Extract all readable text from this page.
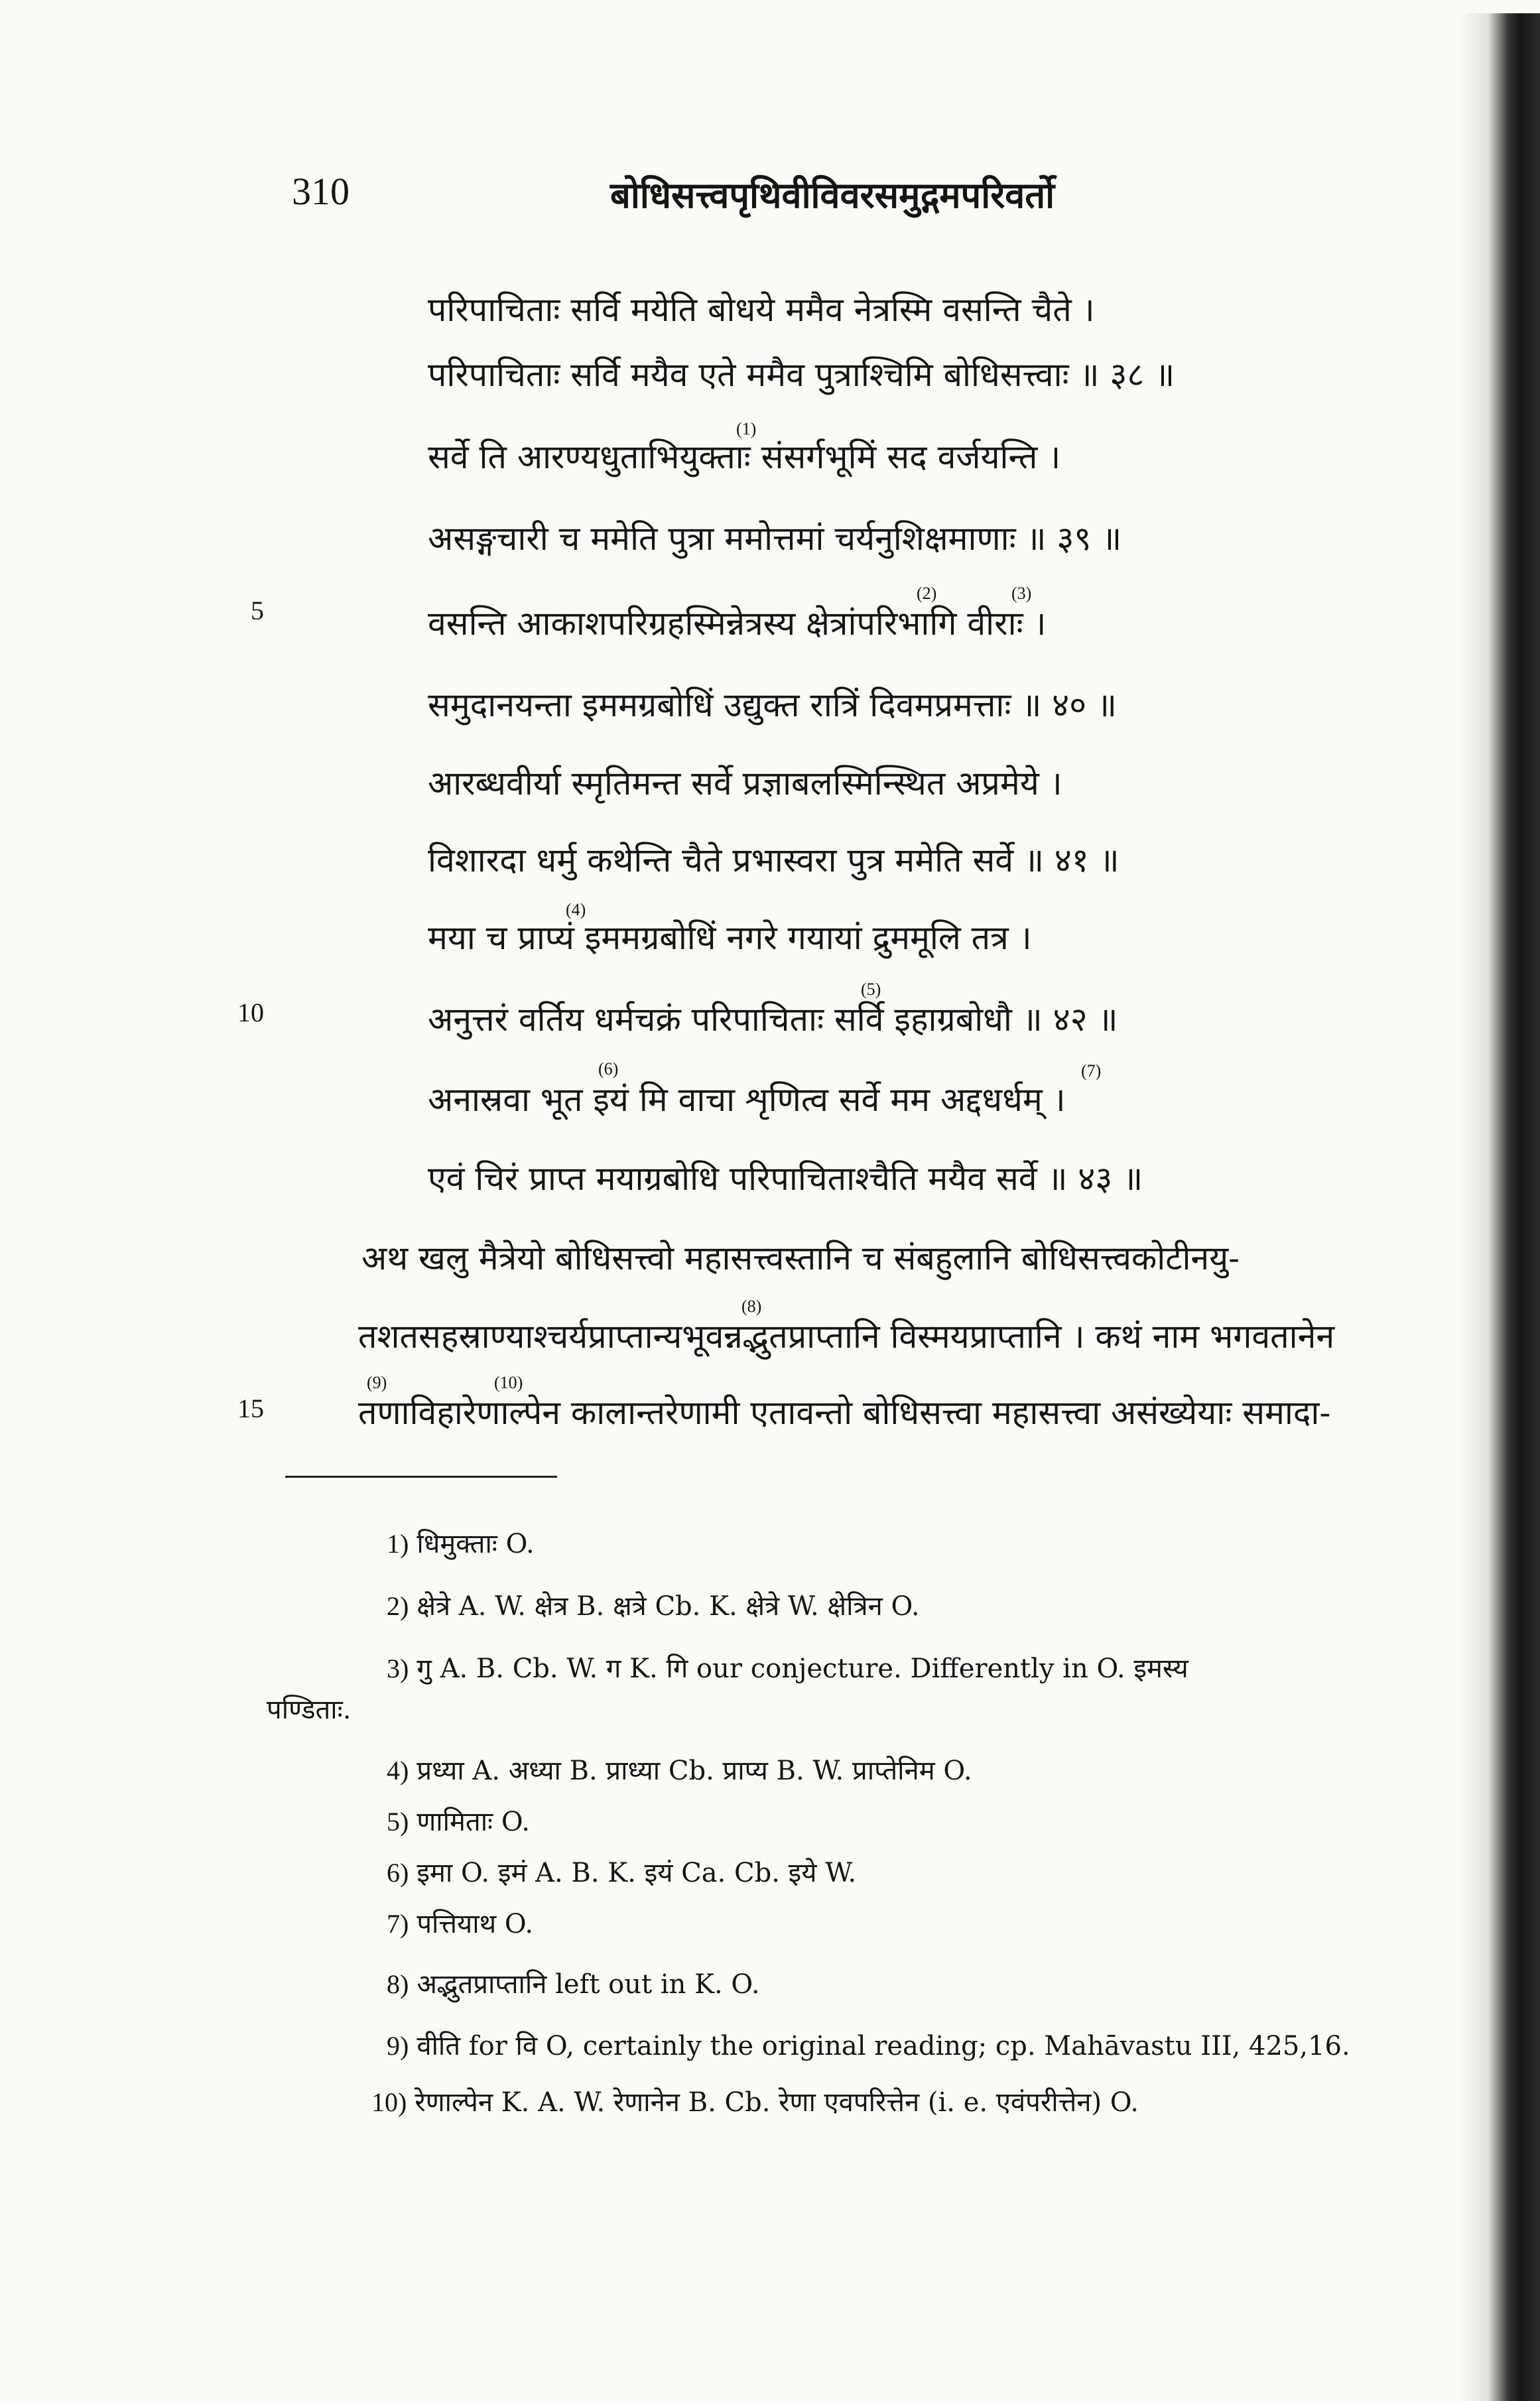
310	बोधिसत्त्वपृथिवीविवरसमुद्गमपरिवर्तो
परिपाचिताः सर्वि मयेति बोधये ममैव नेत्रस्मि वसन्ति चैते ।
परिपाचिताः सर्वि मयैव एते ममैव पुत्राश्चिमि बोधिसत्त्वाः ॥ ३८ ॥
सर्वे ति आरण्यधुताभियुक्ताः संसर्गभूमिं सद वर्जयन्ति ।
असङ्गचारी च ममेति पुत्रा ममोत्तमां चर्यनुशिक्षमाणाः ॥ ३९ ॥
वसन्ति आकाशपरिग्रहस्मिन्नेत्रस्य क्षेत्रांपरिभागि वीराः ।
समुदानयन्ता इममग्रबोधिं उद्युक्त रात्रिं दिवमप्रमत्ताः ॥ ४० ॥
आरब्धवीर्या स्मृतिमन्त सर्वे प्रज्ञाबलस्मिन्स्थित अप्रमेये ।
विशारदा धर्मु कथेन्ति चैते प्रभास्वरा पुत्र ममेति सर्वे ॥ ४१ ॥
मया च प्राप्यं इममग्रबोधिं नगरे गयायां द्रुममूलि तत्र ।
अनुत्तरं वर्तिय धर्मचक्रं परिपाचिताः सर्वि इहाग्रबोधौ ॥ ४२ ॥
अनास्रवा भूत इयं मि वाचा शृणित्व सर्वे मम अद्दधर्धम् ।
एवं चिरं प्राप्त मयाग्रबोधि परिपाचिताश्चैति मयैव सर्वे ॥ ४३ ॥
अथ खलु मैत्रेयो बोधिसत्त्वो महासत्त्वस्तानि च संबहुलानि बोधिसत्त्वकोटीनयु-
तशतसहस्राण्याश्चर्यप्राप्तान्यभूवन्नद्भुतप्राप्तानि विस्मयप्राप्तानि । कथं नाम भगवतानेन
तणाविहारेणाल्पेन कालान्तरेणामी एतावन्तो बोधिसत्त्वा महासत्त्वा असंख्येयाः समादा-
(1)
(2)	(3)
(4)
(5)
(6)	(7)
(8)
(9)	(10)
5
10
15
1) धिमुक्ताः O.
2) क्षेत्रे A. W. क्षेत्र B. क्षत्रे Cb. K. क्षेत्रे W. क्षेत्रिन O.
3) गु A. B. Cb. W. ग K. गि our conjecture. Differently in O. इमस्य
पण्डिताः.
4) प्रध्या A. अध्या B. प्राध्या Cb. प्राप्य B. W. प्राप्तेनिम O.
5) णामिताः O.
6) इमा O. इमं A. B. K. इयं Ca. Cb. इये W.
7) पत्तियाथ O.
8) अद्भुतप्राप्तानि left out in K. O.
9) वीति for वि O, certainly the original reading; cp. Mahāvastu III, 425,16.
10) रेणाल्पेन K. A. W. रेणानेन B. Cb. रेणा एवपरित्तेन (i. e. एवंपरीत्तेन) O.
